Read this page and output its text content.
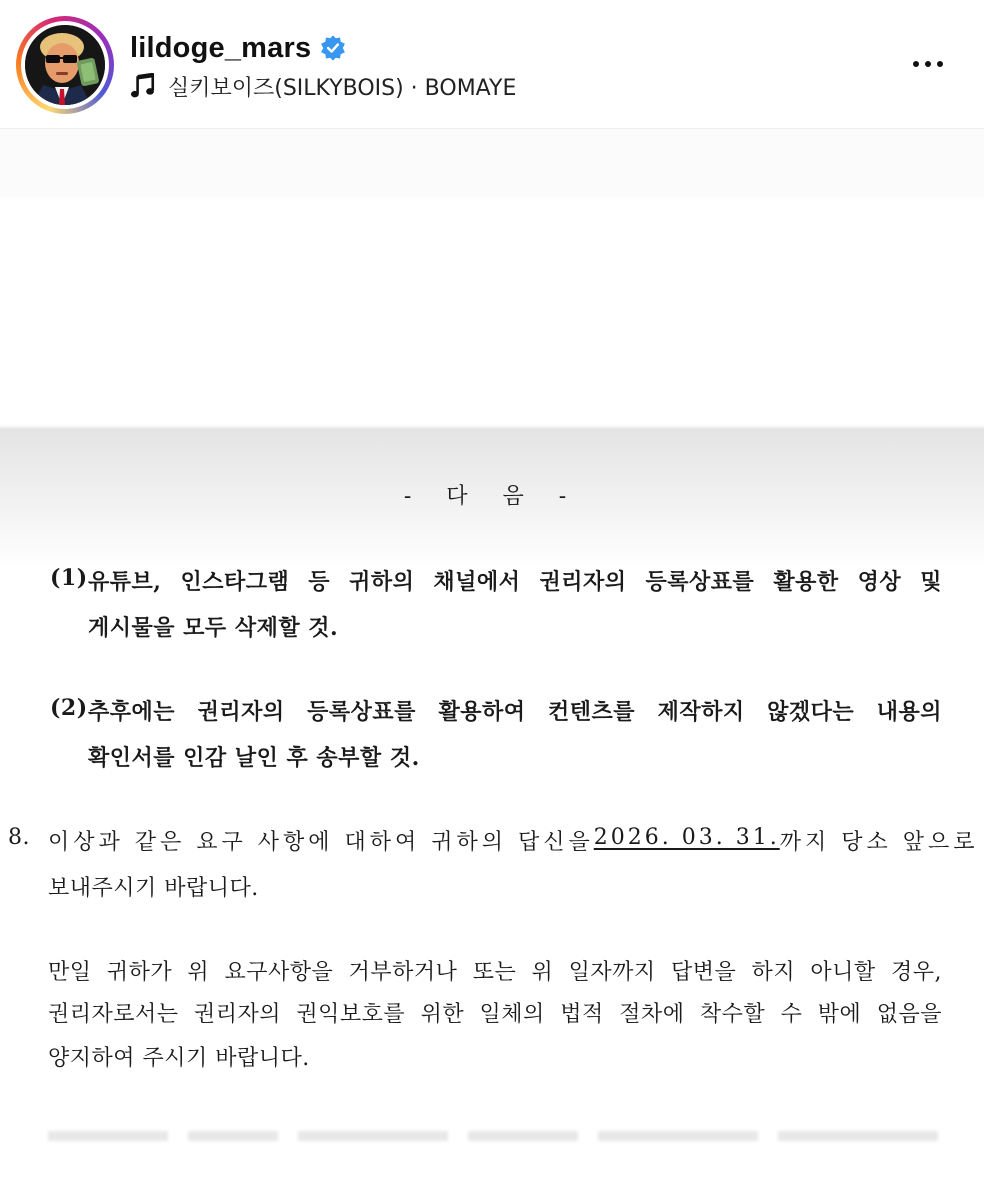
lildoge_mars
실키보이즈(SILKYBOIS) · BOMAYE
- 다 음 -
(1) 유튜브, 인스타그램 등 귀하의 채널에서 권리자의 등록상표를 활용한 영상 및
게시물을 모두 삭제할 것.
(2) 추후에는 권리자의 등록상표를 활용하여 컨텐츠를 제작하지 않겠다는 내용의
확인서를 인감 날인 후 송부할 것.
8. 이상과 같은 요구 사항에 대하여 귀하의 답신을 2026. 03. 31. 까지 당소 앞으로
보내주시기 바랍니다.
만일 귀하가 위 요구사항을 거부하거나 또는 위 일자까지 답변을 하지 아니할 경우,
권리자로서는 권리자의 권익보호를 위한 일체의 법적 절차에 착수할 수 밖에 없음을
양지하여 주시기 바랍니다.
